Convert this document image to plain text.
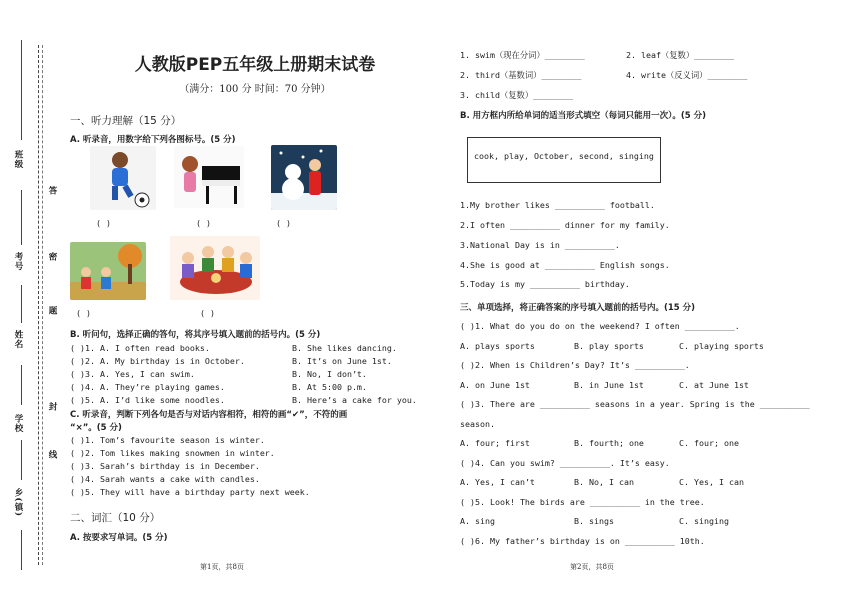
班级
考号
姓名
学校
乡(镇)
答
密
题
封
线
人教版PEP五年级上册期末试卷
（满分：100 分 时间：70 分钟）
一、听力理解（15 分）
A. 听录音，用数字给下列各图标号。(5 分)
( )	( )	( )
( )	( )
B. 听问句，选择正确的答句，将其序号填入题前的括号内。(5 分)
( )1. A. I often read books.	B. She likes dancing.
( )2. A. My birthday is in October.	B. It’s on June 1st.
( )3. A. Yes, I can swim.	B. No, I don’t.
( )4. A. They’re playing games.	B. At 5:00 p.m.
( )5. A. I’d like some noodles.	B. Here’s a cake for you.
C. 听录音，判断下列各句是否与对话内容相符，相符的画“✔”，不符的画
“×”。(5 分)
( )1. Tom’s favourite season is winter.
( )2. Tom likes making snowmen in winter.
( )3. Sarah’s birthday is in December.
( )4. Sarah wants a cake with candles.
( )5. They will have a birthday party next week.
二、词汇（10 分）
A. 按要求写单词。(5 分)
第1页，共8页
1. swim（现在分词）________	2. leaf（复数）________
2. third（基数词）________	4. write（反义词）________
3. child（复数）________
B. 用方框内所给单词的适当形式填空（每词只能用一次）。(5 分)
cook, play, October, second, singing
1.My brother likes __________ football.
2.I often __________ dinner for my family.
3.National Day is in __________.
4.She is good at __________ English songs.
5.Today is my __________ birthday.
三、单项选择，将正确答案的序号填入题前的括号内。(15 分)
( )1. What do you do on the weekend? I often __________.
A. plays sports	B. play sports	C. playing sports
( )2. When is Children’s Day? It’s __________.
A. on June 1st	B. in June 1st	C. at June 1st
( )3. There are __________ seasons in a year. Spring is the __________
season.
A. four; first	B. fourth; one	C. four; one
( )4. Can you swim? __________. It’s easy.
A. Yes, I can’t	B. No, I can	C. Yes, I can
( )5. Look! The birds are __________ in the tree.
A. sing	B. sings	C. singing
( )6. My father’s birthday is on __________ 10th.
第2页，共8页
